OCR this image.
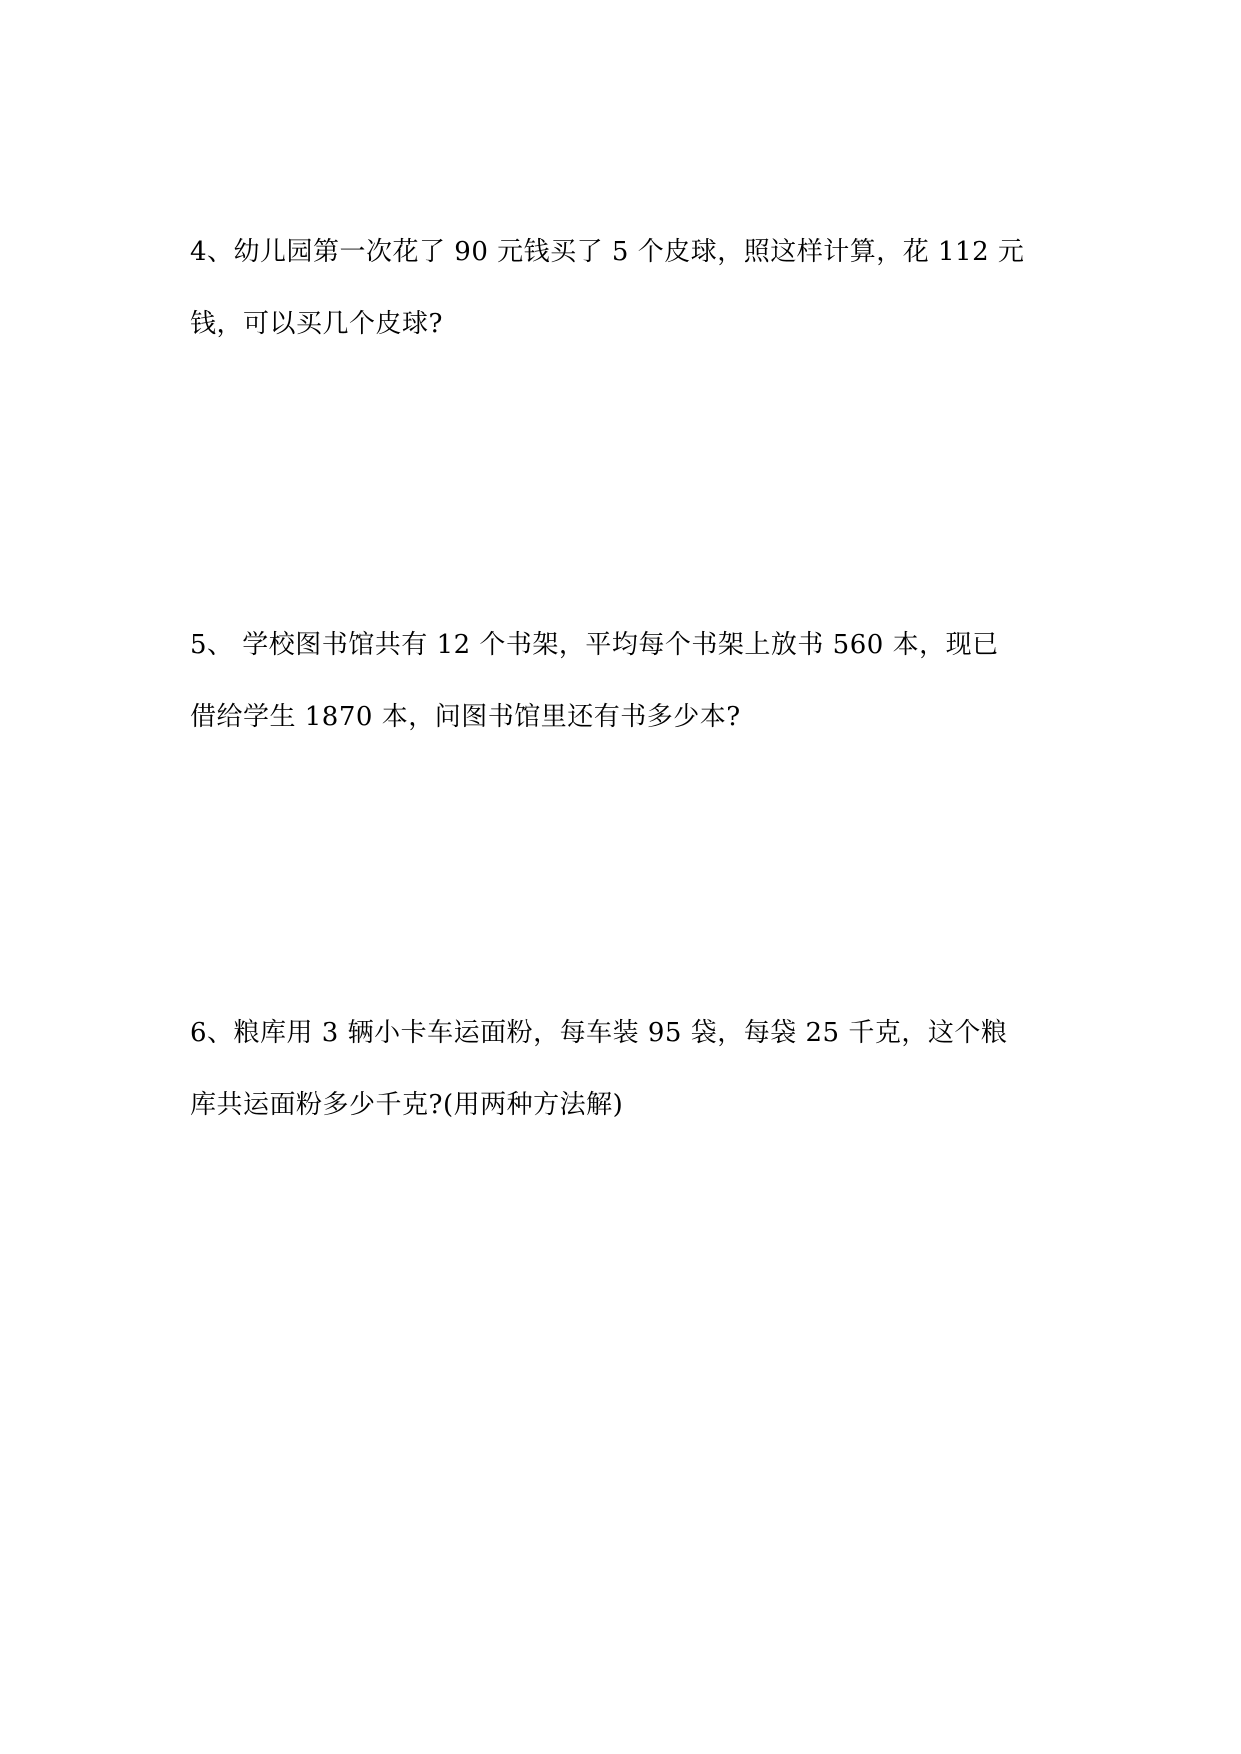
4、幼儿园第一次花了 90 元钱买了 5 个皮球，照这样计算，花 112 元
钱，可以买几个皮球?
5、 学校图书馆共有 12 个书架，平均每个书架上放书 560 本，现已
借给学生 1870 本，问图书馆里还有书多少本?
6、粮库用 3 辆小卡车运面粉，每车装 95 袋，每袋 25 千克，这个粮
库共运面粉多少千克?(用两种方法解)
